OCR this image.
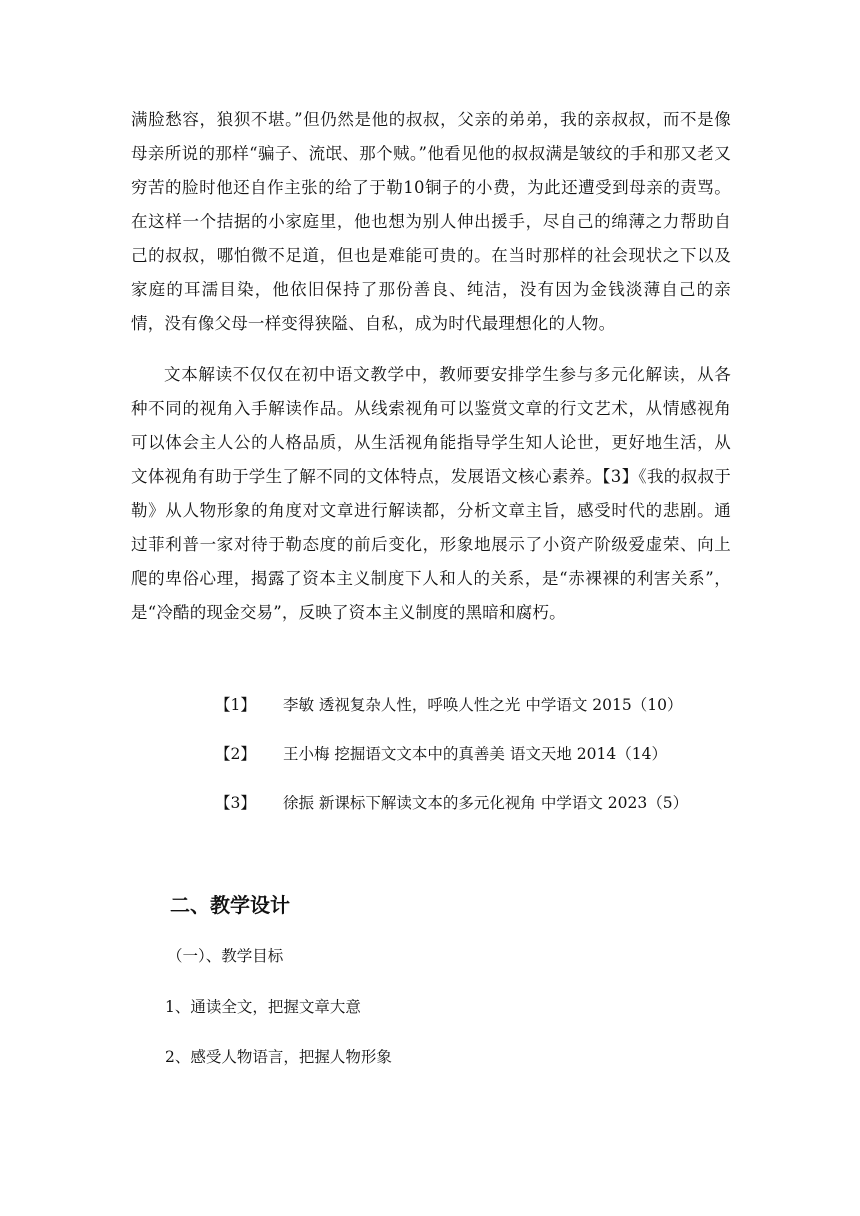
满脸愁容，狼狈不堪。”但仍然是他的叔叔，父亲的弟弟，我的亲叔叔，而不是像母亲所说的那样“骗子、流氓、那个贼。”他看见他的叔叔满是皱纹的手和那又老又穷苦的脸时他还自作主张的给了于勒10铜子的小费，为此还遭受到母亲的责骂。在这样一个拮据的小家庭里，他也想为别人伸出援手，尽自己的绵薄之力帮助自己的叔叔，哪怕微不足道，但也是难能可贵的。在当时那样的社会现状之下以及家庭的耳濡目染，他依旧保持了那份善良、纯洁，没有因为金钱淡薄自己的亲情，没有像父母一样变得狭隘、自私，成为时代最理想化的人物。

文本解读不仅仅在初中语文教学中，教师要安排学生参与多元化解读，从各种不同的视角入手解读作品。从线索视角可以鉴赏文章的行文艺术，从情感视角可以体会主人公的人格品质，从生活视角能指导学生知人论世，更好地生活，从文体视角有助于学生了解不同的文体特点，发展语文核心素养。【3】《我的叔叔于勒》从人物形象的角度对文章进行解读都，分析文章主旨，感受时代的悲剧。通过菲利普一家对待于勒态度的前后变化，形象地展示了小资产阶级爱虚荣、向上爬的卑俗心理，揭露了资本主义制度下人和人的关系，是“赤裸裸的利害关系”，是“冷酷的现金交易”，反映了资本主义制度的黑暗和腐朽。

【1】 李敏 透视复杂人性，呼唤人性之光 中学语文 2015（10）
【2】 王小梅 挖掘语文文本中的真善美 语文天地 2014（14）
【3】 徐振 新课标下解读文本的多元化视角 中学语文 2023（5）
二、教学设计
（一）、教学目标
1、通读全文，把握文章大意
2、感受人物语言，把握人物形象
